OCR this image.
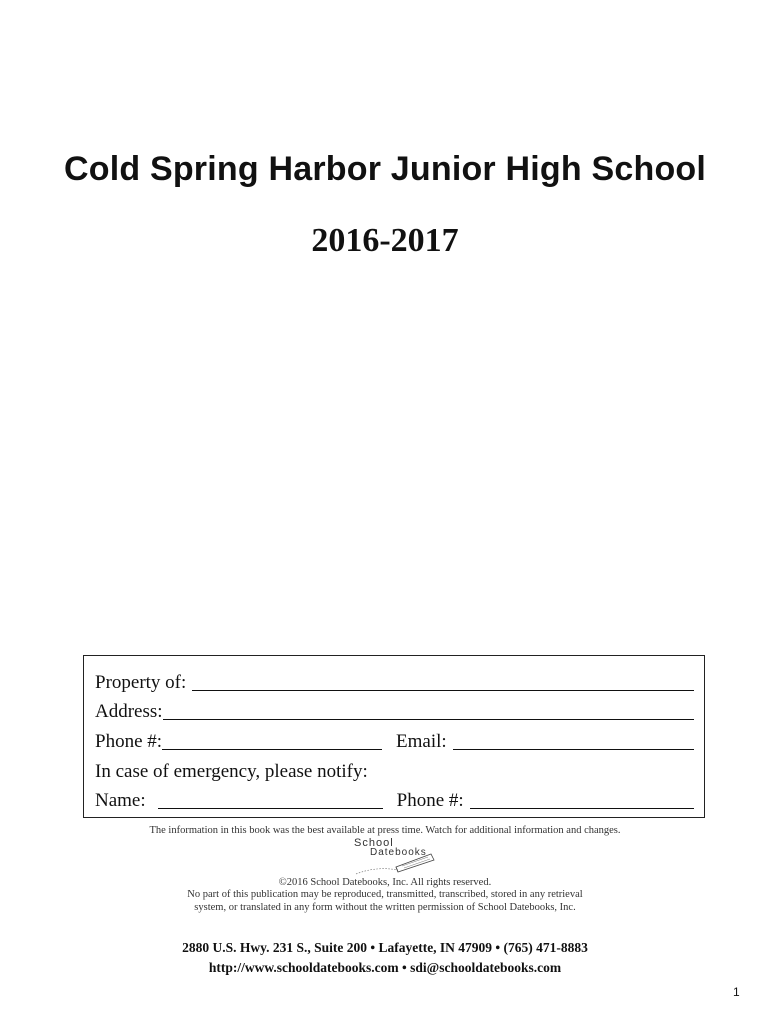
Cold Spring Harbor Junior High School
2016-2017
Property of:
Address:
Phone #:	Email:
In case of emergency, please notify:
Name:	Phone #:
The information in this book was the best available at press time. Watch for additional information and changes.
School
Datebooks
©2016 School Datebooks, Inc. All rights reserved.
No part of this publication may be reproduced, transmitted, transcribed, stored in any retrieval
system, or translated in any form without the written permission of School Datebooks, Inc.
2880 U.S. Hwy. 231 S., Suite 200 • Lafayette, IN 47909 • (765) 471-8883
http://www.schooldatebooks.com • sdi@schooldatebooks.com
1
